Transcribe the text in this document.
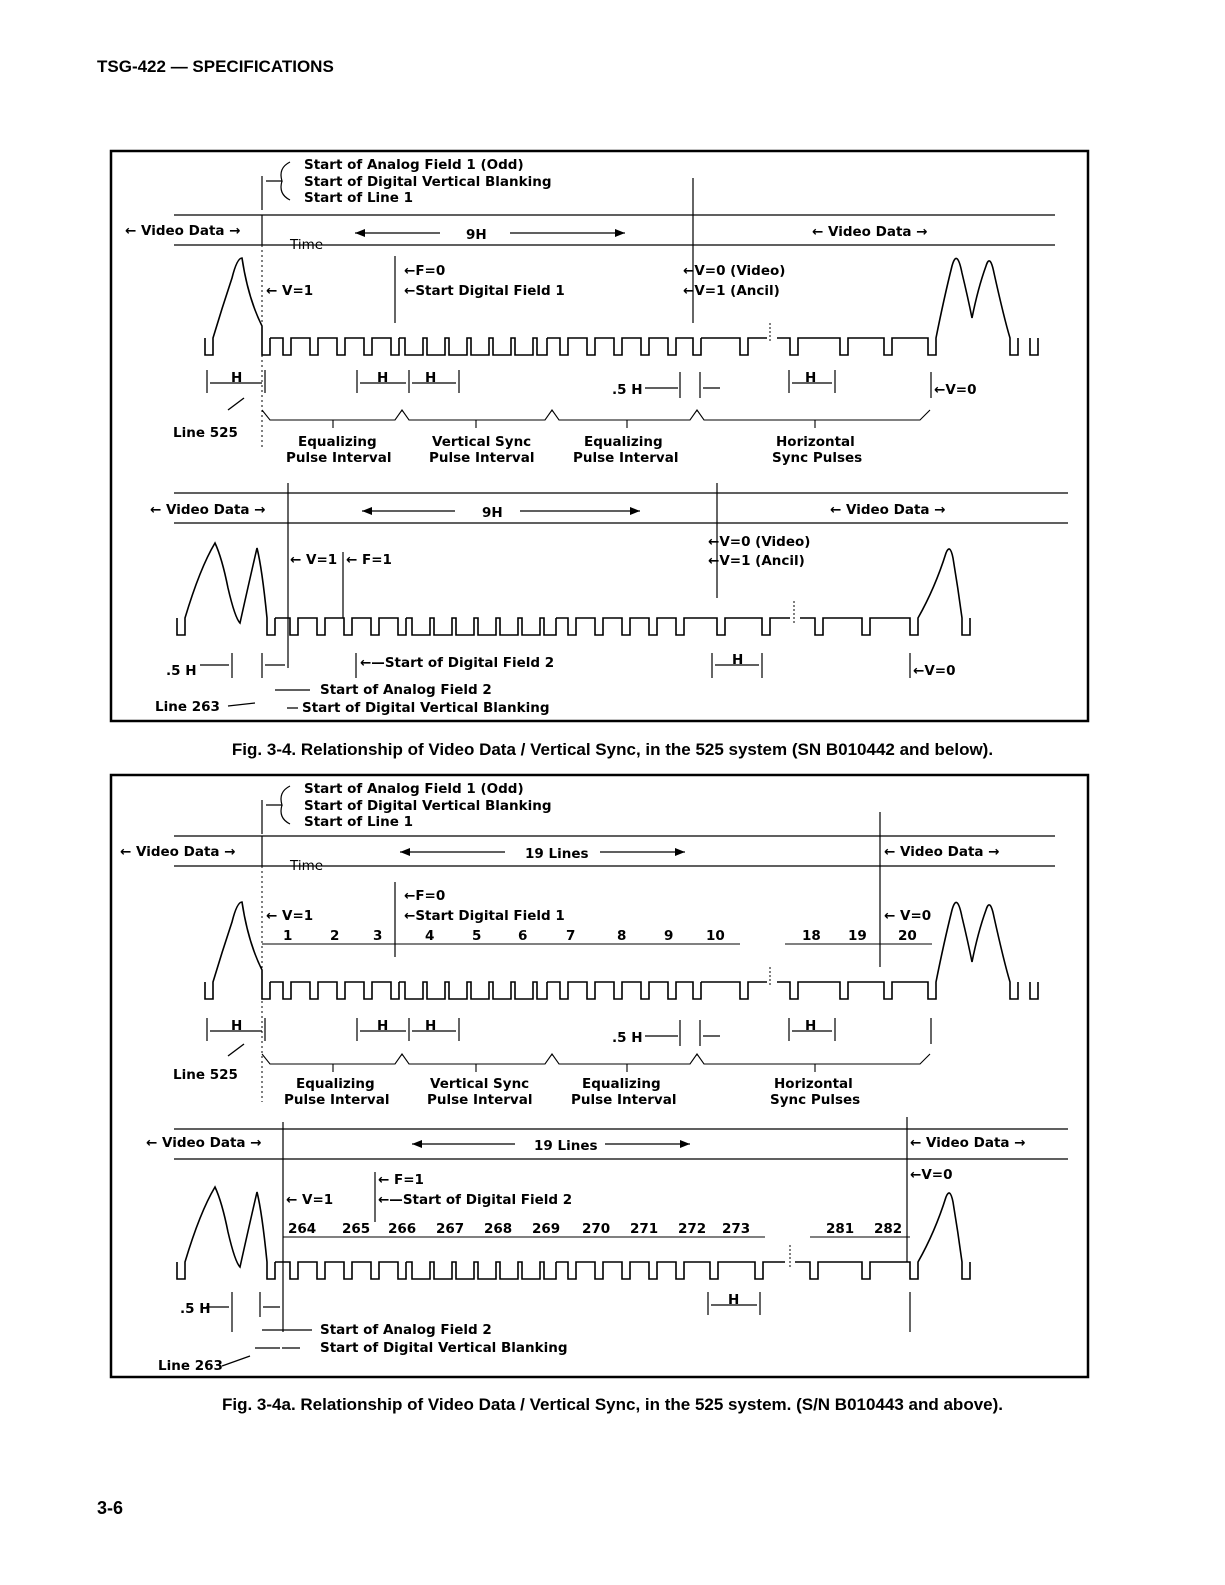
TSG-422 — SPECIFICATIONS
Start of Analog Field 1 (Odd)
Start of Digital Vertical Blanking
Start of Line 1
← Video Data →
Time
9H	← Video Data →
←F=0
←Start Digital Field 1
← V=1
←V=0 (Video)
←V=1 (Ancil)
H	H	H
.5 H
H
←V=0
Line 525
Equalizing
Pulse Interval
Vertical Sync
Pulse Interval
Equalizing
Pulse Interval
Horizontal
Sync Pulses
← Video Data →	9H	← Video Data →
← V=1 ← F=1
←V=0 (Video)
←V=1 (Ancil)
.5 H	←—Start of Digital Field 2	H
←V=0
Start of Analog Field 2
Line 263	Start of Digital Vertical Blanking
Fig. 3-4. Relationship of Video Data / Vertical Sync, in the 525 system (SN B010442 and below).
Start of Analog Field 1 (Odd)
Start of Digital Vertical Blanking
Start of Line 1
← Video Data →
Time
19 Lines	← Video Data →
←F=0
←Start Digital Field 1
← V=1	← V=0
1	2 3	4	5	6	7	8	9 10	18 19 20
H	H	H
.5 H
H
Line 525
Equalizing
Pulse Interval
Vertical Sync
Pulse Interval
Equalizing
Pulse Interval
Horizontal
Sync Pulses
← Video Data →	19 Lines	← Video Data →
←V=0
← F=1
←—Start of Digital Field 2
← V=1
264 265 266 267 268 269 270 271 272 273	281 282
.5 H
H
Start of Analog Field 2
Start of Digital Vertical Blanking
Line 263
Fig. 3-4a. Relationship of Video Data / Vertical Sync, in the 525 system. (S/N B010443 and above).
3-6
